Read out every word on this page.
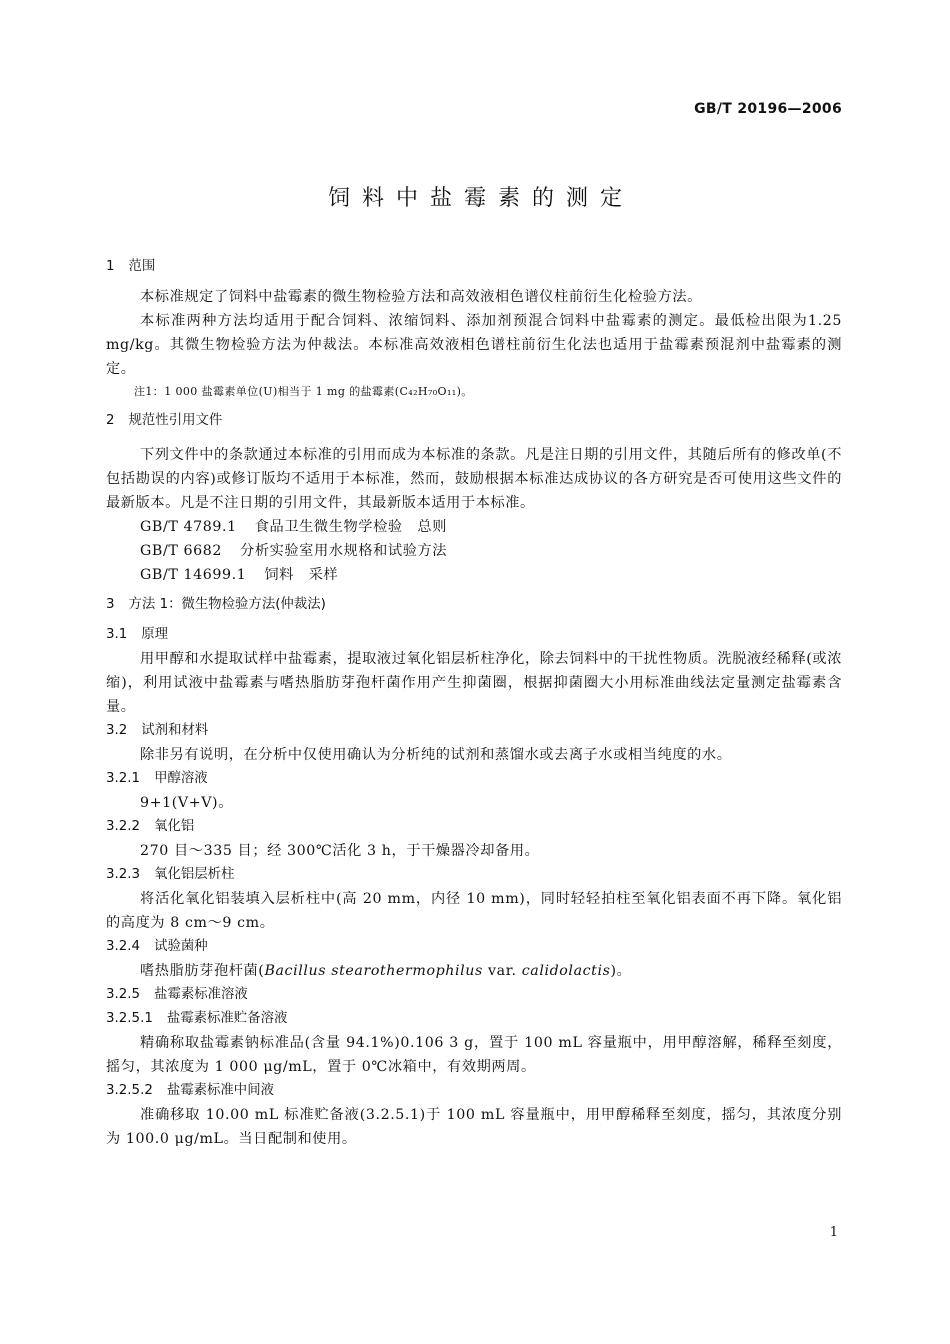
GB/T 20196—2006
饲料中盐霉素的测定

1 范围

本标准规定了饲料中盐霉素的微生物检验方法和高效液相色谱仪柱前衍生化检验方法。

本标准两种方法均适用于配合饲料、浓缩饲料、添加剂预混合饲料中盐霉素的测定。最低检出限为1.25 mg/kg。其微生物检验方法为仲裁法。本标准高效液相色谱柱前衍生化法也适用于盐霉素预混剂中盐霉素的测定。

注1：1 000 盐霉素单位(U)相当于 1 mg 的盐霉素(C₄₂H₇₀O₁₁)。

2 规范性引用文件

下列文件中的条款通过本标准的引用而成为本标准的条款。凡是注日期的引用文件，其随后所有的修改单(不包括勘误的内容)或修订版均不适用于本标准，然而，鼓励根据本标准达成协议的各方研究是否可使用这些文件的最新版本。凡是不注日期的引用文件，其最新版本适用于本标准。

GB/T 4789.1 食品卫生微生物学检验　总则

GB/T 6682 分析实验室用水规格和试验方法

GB/T 14699.1 饲料　采样

3 方法 1：微生物检验方法(仲裁法)

3.1 原理

用甲醇和水提取试样中盐霉素，提取液过氧化铝层析柱净化，除去饲料中的干扰性物质。洗脱液经稀释(或浓缩)，利用试液中盐霉素与嗜热脂肪芽孢杆菌作用产生抑菌圈，根据抑菌圈大小用标准曲线法定量测定盐霉素含量。

3.2 试剂和材料

除非另有说明，在分析中仅使用确认为分析纯的试剂和蒸馏水或去离子水或相当纯度的水。

3.2.1 甲醇溶液

9+1(V+V)。

3.2.2 氧化铝

270 目～335 目；经 300℃活化 3 h，于干燥器冷却备用。

3.2.3 氧化铝层析柱

将活化氧化铝装填入层析柱中(高 20 mm，内径 10 mm)，同时轻轻拍柱至氧化铝表面不再下降。氧化铝的高度为 8 cm～9 cm。

3.2.4 试验菌种

嗜热脂肪芽孢杆菌(Bacillus stearothermophilus var. calidolactis)。

3.2.5 盐霉素标准溶液

3.2.5.1 盐霉素标准贮备溶液

精确称取盐霉素钠标准品(含量 94.1%)0.106 3 g，置于 100 mL 容量瓶中，用甲醇溶解，稀释至刻度，摇匀，其浓度为 1 000 μg/mL，置于 0℃冰箱中，有效期两周。

3.2.5.2 盐霉素标准中间液

准确移取 10.00 mL 标准贮备液(3.2.5.1)于 100 mL 容量瓶中，用甲醇稀释至刻度，摇匀，其浓度分别为 100.0 μg/mL。当日配制和使用。

1
